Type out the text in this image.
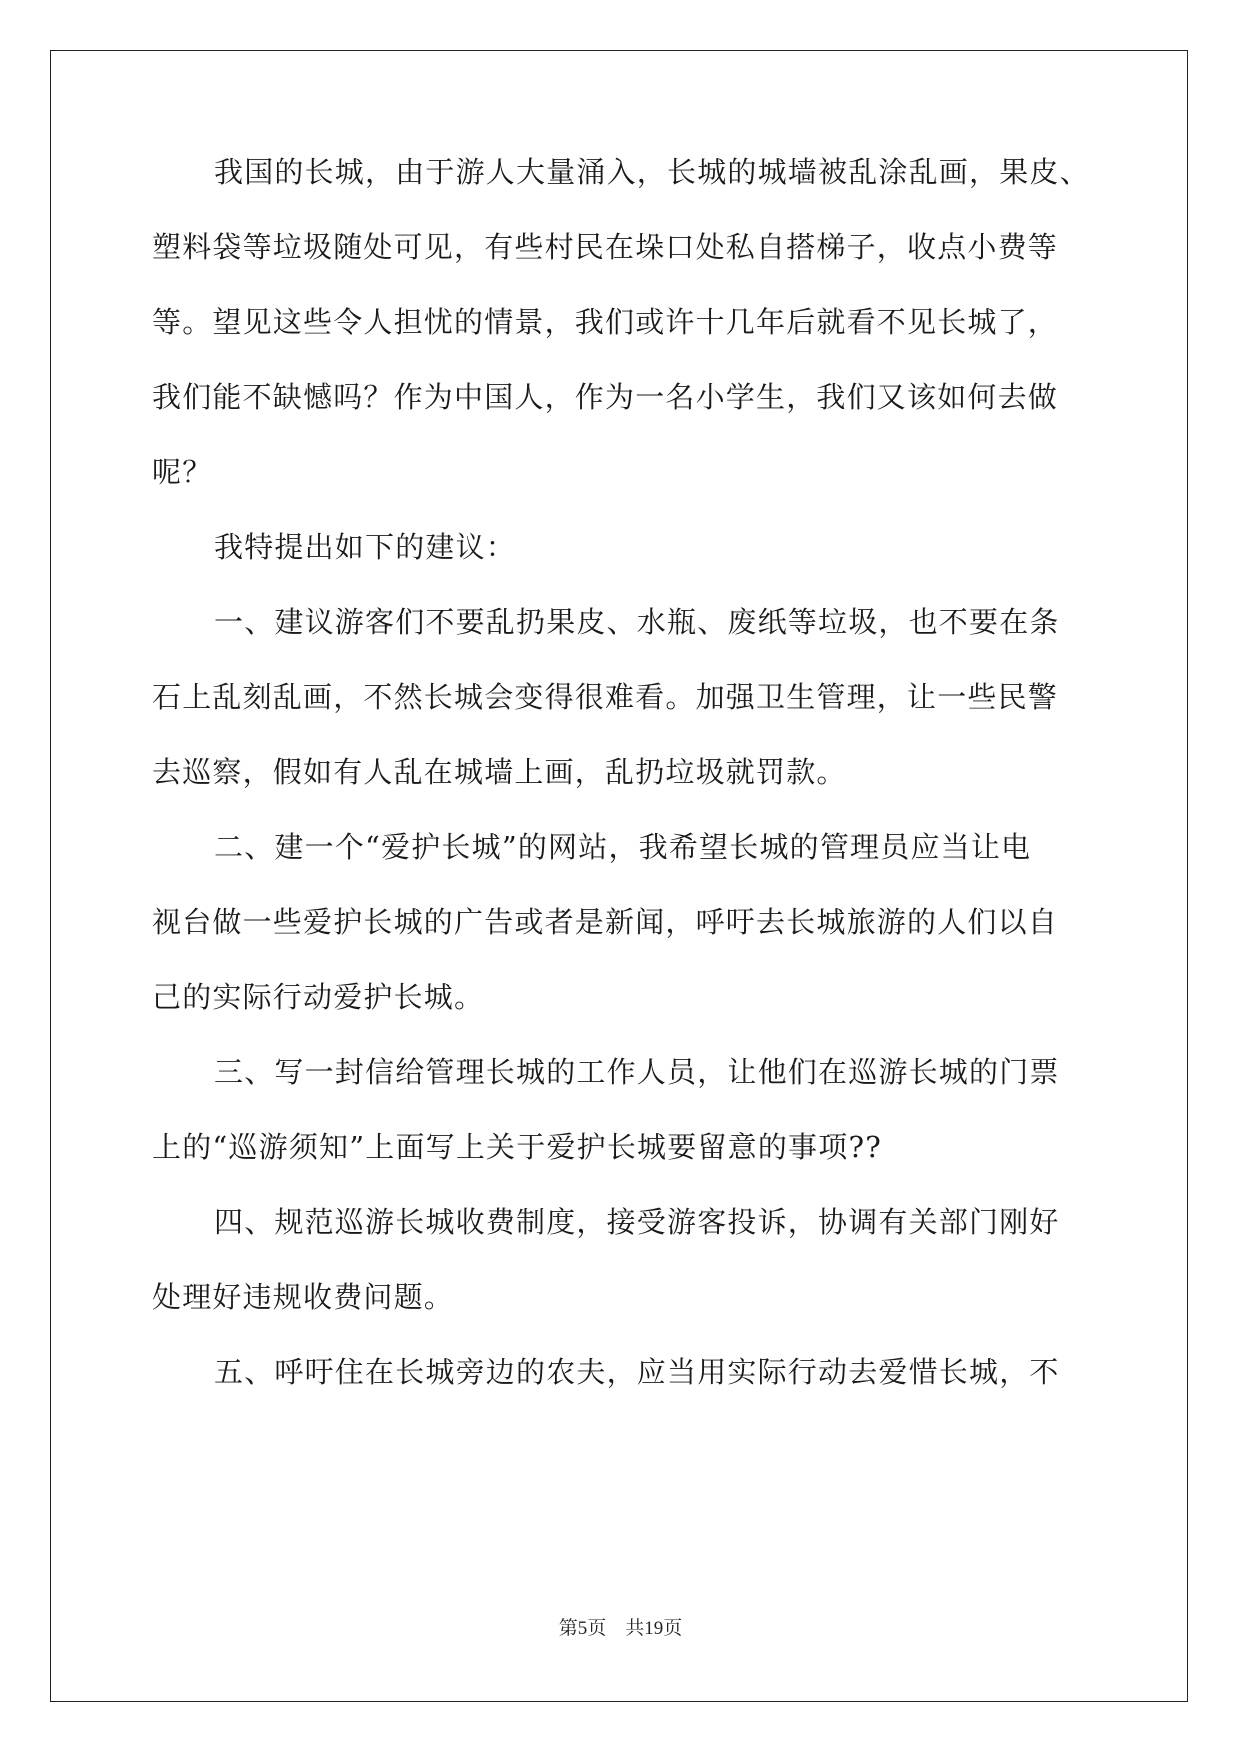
我国的长城，由于游人大量涌入，长城的城墙被乱涂乱画，果皮、
塑料袋等垃圾随处可见，有些村民在垛口处私自搭梯子，收点小费等
等。望见这些令人担忧的情景，我们或许十几年后就看不见长城了，
我们能不缺憾吗？作为中国人，作为一名小学生，我们又该如何去做
呢？
我特提出如下的建议：
一、建议游客们不要乱扔果皮、水瓶、废纸等垃圾，也不要在条
石上乱刻乱画，不然长城会变得很难看。加强卫生管理，让一些民警
去巡察，假如有人乱在城墙上画，乱扔垃圾就罚款。
二、建一个“爱护长城”的网站，我希望长城的管理员应当让电
视台做一些爱护长城的广告或者是新闻，呼吁去长城旅游的人们以自
己的实际行动爱护长城。
三、写一封信给管理长城的工作人员，让他们在巡游长城的门票
上的“巡游须知”上面写上关于爱护长城要留意的事项??
四、规范巡游长城收费制度，接受游客投诉，协调有关部门刚好
处理好违规收费问题。
五、呼吁住在长城旁边的农夫，应当用实际行动去爱惜长城，不
第5页　共19页
